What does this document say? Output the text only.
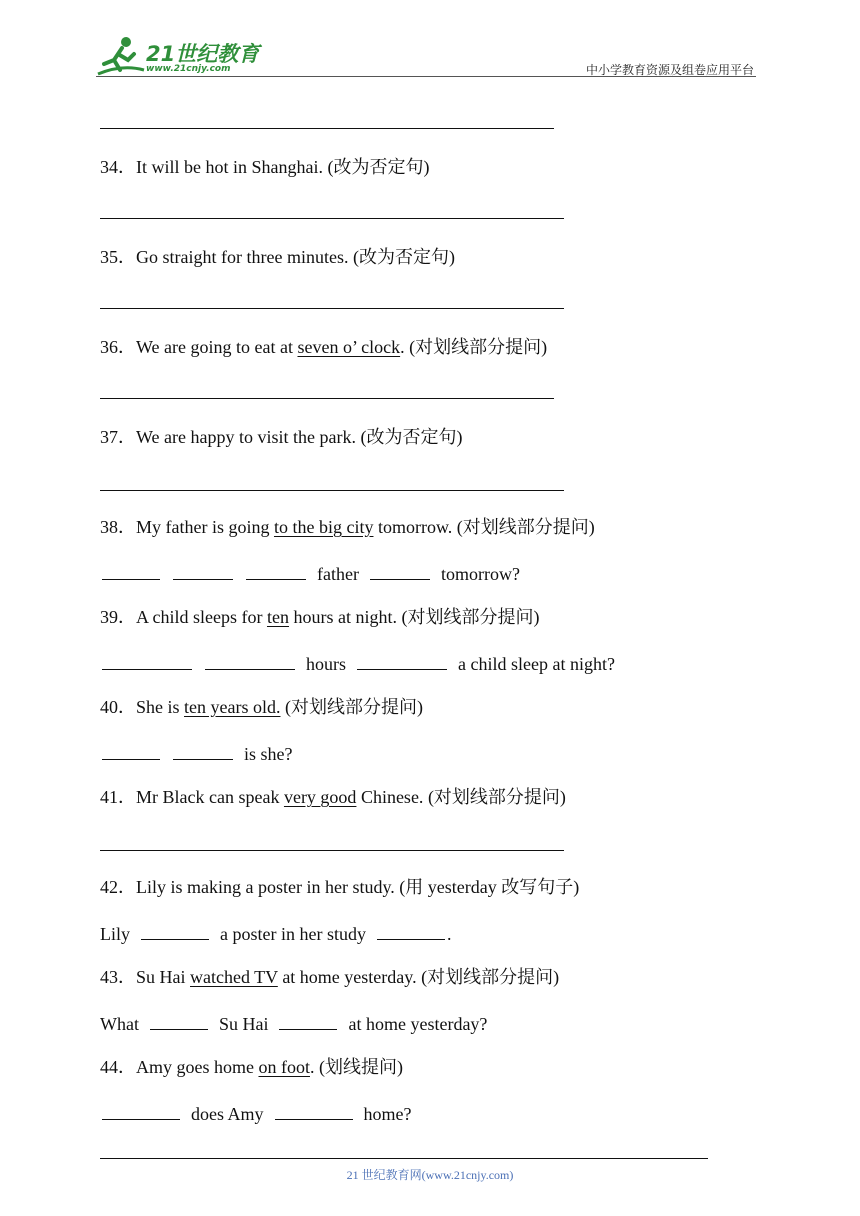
21世纪教育
www.21cnjy.com	中小学教育资源及组卷应用平台
34．It will be hot in Shanghai. (改为否定句)
35．Go straight for three minutes. (改为否定句)
36．We are going to eat at seven o’ clock. (对划线部分提问)
37．We are happy to visit the park. (改为否定句)
38．My father is going to the big city tomorrow. (对划线部分提问)
father	tomorrow?
39．A child sleeps for ten hours at night. (对划线部分提问)
hours	a child sleep at night?
40．She is ten years old. (对划线部分提问)
is she?
41．Mr Black can speak very good Chinese. (对划线部分提问)
42．Lily is making a poster in her study. (用 yesterday 改写句子)
Lily	a poster in her study	.
43．Su Hai watched TV at home yesterday. (对划线部分提问)
What	Su Hai	at home yesterday?
44．Amy goes home on foot. (划线提问)
does Amy	home?
21 世纪教育网(www.21cnjy.com)
